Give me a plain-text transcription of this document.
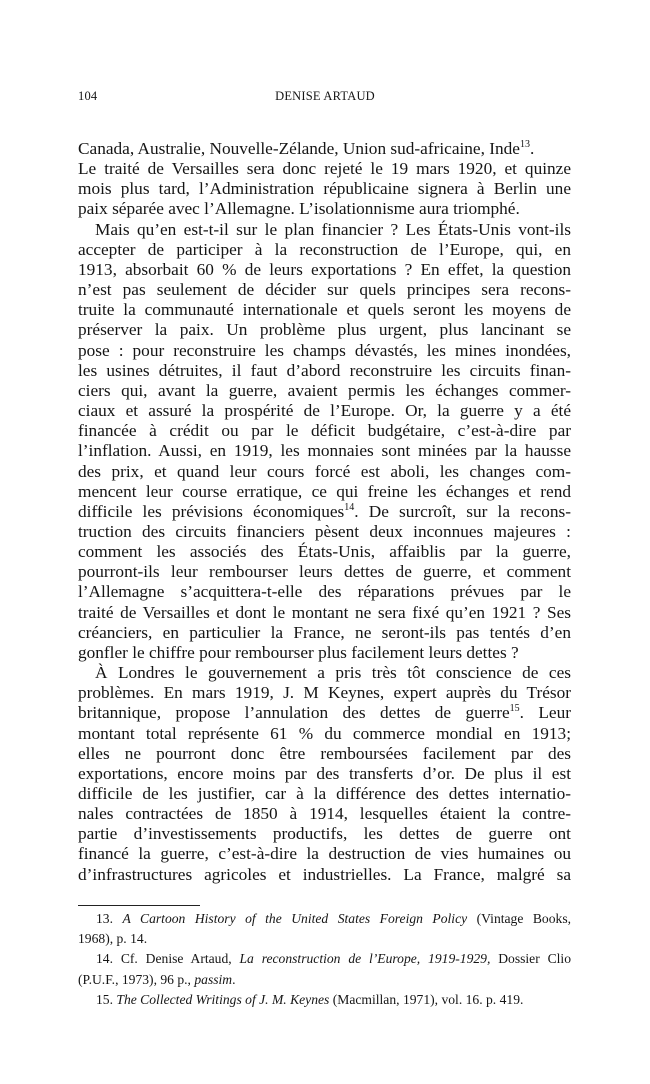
104	DENISE ARTAUD
Canada, Australie, Nouvelle-Zélande, Union sud-africaine, Inde$^{13}$.
Le traité de Versailles sera donc rejeté le 19 mars 1920, et quinze
mois plus tard, l’Administration républicaine signera à Berlin une
paix séparée avec l’Allemagne. L’isolationnisme aura triomphé.
Mais qu’en est-t-il sur le plan financier ? Les États-Unis vont-ils
accepter de participer à la reconstruction de l’Europe, qui, en
1913, absorbait 60 % de leurs exportations ? En effet, la question
n’est pas seulement de décider sur quels principes sera recons-
truite la communauté internationale et quels seront les moyens de
préserver la paix. Un problème plus urgent, plus lancinant se
pose : pour reconstruire les champs dévastés, les mines inondées,
les usines détruites, il faut d’abord reconstruire les circuits finan-
ciers qui, avant la guerre, avaient permis les échanges commer-
ciaux et assuré la prospérité de l’Europe. Or, la guerre y a été
financée à crédit ou par le déficit budgétaire, c’est-à-dire par
l’inflation. Aussi, en 1919, les monnaies sont minées par la hausse
des prix, et quand leur cours forcé est aboli, les changes com-
mencent leur course erratique, ce qui freine les échanges et rend
difficile les prévisions économiques$^{14}$. De surcroît, sur la recons-
truction des circuits financiers pèsent deux inconnues majeures :
comment les associés des États-Unis, affaiblis par la guerre,
pourront-ils leur rembourser leurs dettes de guerre, et comment
l’Allemagne s’acquittera-t-elle des réparations prévues par le
traité de Versailles et dont le montant ne sera fixé qu’en 1921 ? Ses
créanciers, en particulier la France, ne seront-ils pas tentés d’en
gonfler le chiffre pour rembourser plus facilement leurs dettes ?
À Londres le gouvernement a pris très tôt conscience de ces
problèmes. En mars 1919, J. M Keynes, expert auprès du Trésor
britannique, propose l’annulation des dettes de guerre$^{15}$. Leur
montant total représente 61 % du commerce mondial en 1913;
elles ne pourront donc être remboursées facilement par des
exportations, encore moins par des transferts d’or. De plus il est
difficile de les justifier, car à la différence des dettes internatio-
nales contractées de 1850 à 1914, lesquelles étaient la contre-
partie d’investissements productifs, les dettes de guerre ont
financé la guerre, c’est-à-dire la destruction de vies humaines ou
d’infrastructures agricoles et industrielles. La France, malgré sa
13. A Cartoon History of the United States Foreign Policy (Vintage Books,
1968), p. 14.
14. Cf. Denise Artaud, La reconstruction de l’Europe, 1919-1929, Dossier Clio
(P.U.F., 1973), 96 p., passim.
15. The Collected Writings of J. M. Keynes (Macmillan, 1971), vol. 16. p. 419.
